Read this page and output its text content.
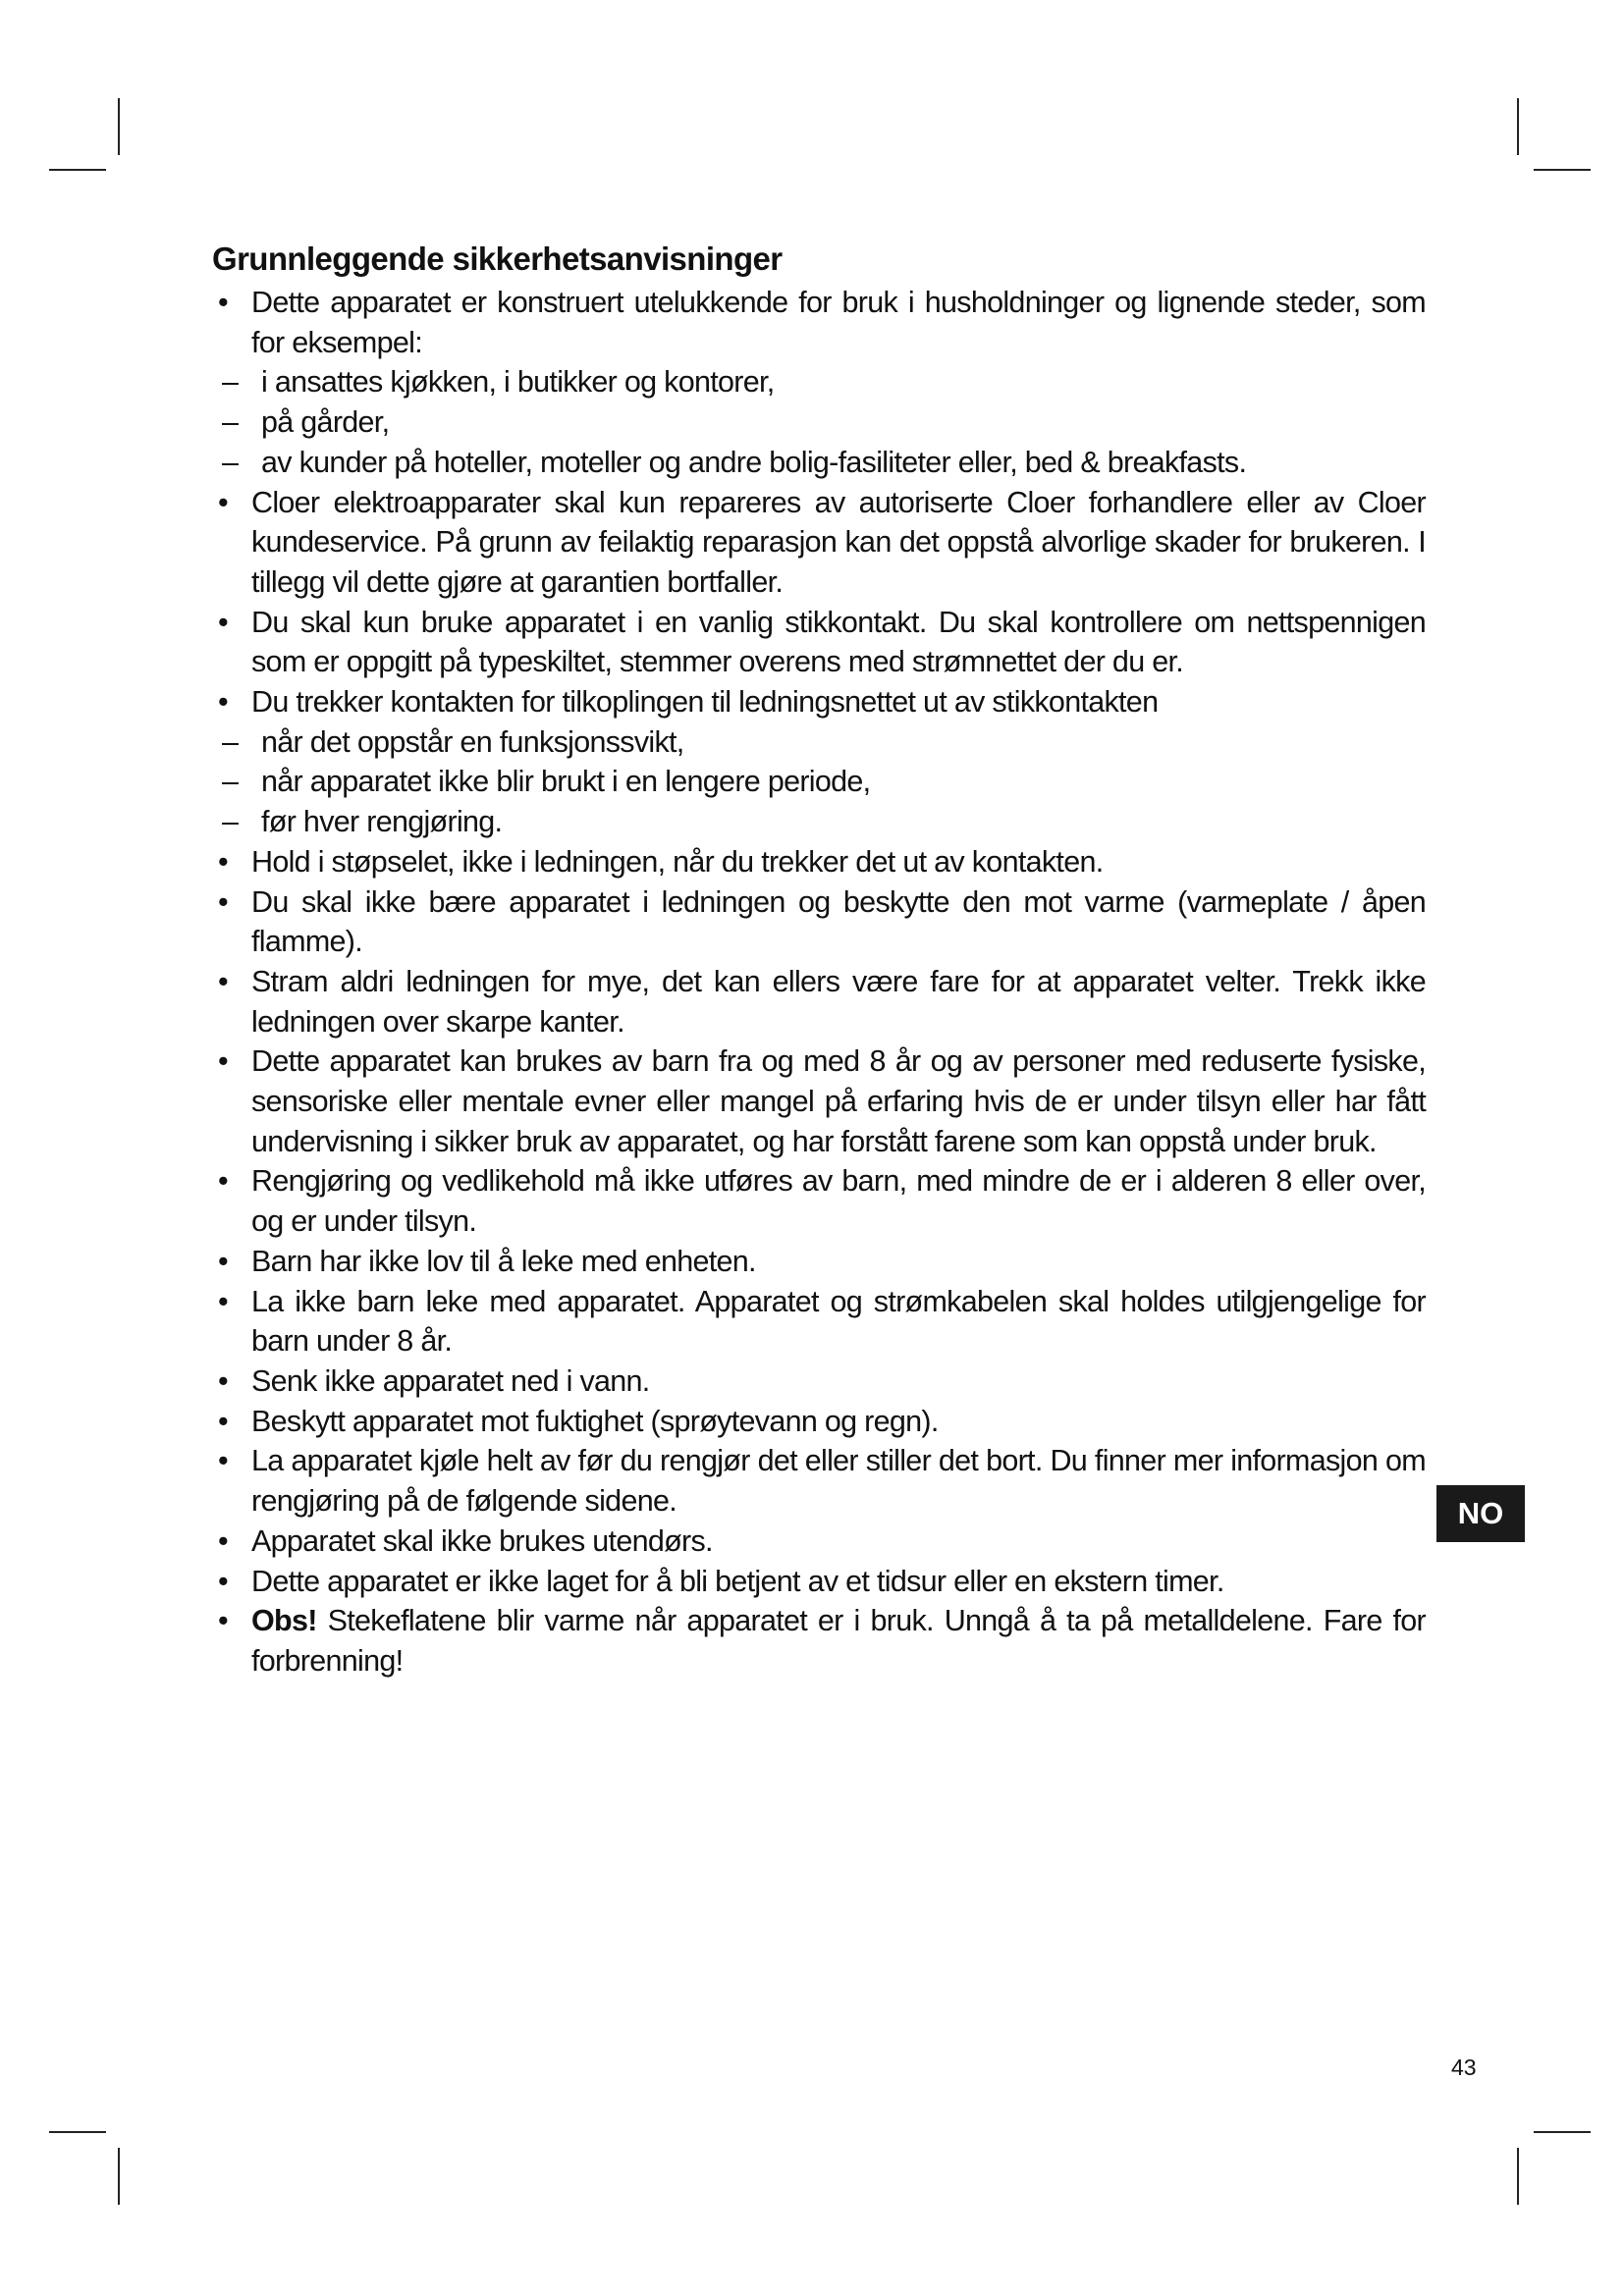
Grunnleggende sikkerhetsanvisninger
• Dette apparatet er konstruert utelukkende for bruk i husholdninger og lignende steder, som for eksempel:
– i ansattes kjøkken, i butikker og kontorer,
– på gårder,
– av kunder på hoteller, moteller og andre bolig-fasiliteter eller, bed & breakfasts.
• Cloer elektroapparater skal kun repareres av autoriserte Cloer forhandlere eller av Cloer kundeservice. På grunn av feilaktig reparasjon kan det oppstå alvorlige skader for brukeren. I tillegg vil dette gjøre at garantien bortfaller.
• Du skal kun bruke apparatet i en vanlig stikkontakt. Du skal kontrollere om nettspennigen som er oppgitt på typeskiltet, stemmer overens med strømnettet der du er.
• Du trekker kontakten for tilkoplingen til ledningsnettet ut av stikkontakten
– når det oppstår en funksjonssvikt,
– når apparatet ikke blir brukt i en lengere periode,
– før hver rengjøring.
• Hold i støpselet, ikke i ledningen, når du trekker det ut av kontakten.
• Du skal ikke bære apparatet i ledningen og beskytte den mot varme (varmeplate / åpen flamme).
• Stram aldri ledningen for mye, det kan ellers være fare for at apparatet velter. Trekk ikke ledningen over skarpe kanter.
• Dette apparatet kan brukes av barn fra og med 8 år og av personer med reduserte fysiske, sensoriske eller mentale evner eller mangel på erfaring hvis de er under tilsyn eller har fått undervisning i sikker bruk av apparatet, og har forstått farene som kan oppstå under bruk.
• Rengjøring og vedlikehold må ikke utføres av barn, med mindre de er i alderen 8 eller over, og er under tilsyn.
• Barn har ikke lov til å leke med enheten.
• La ikke barn leke med apparatet. Apparatet og strømkabelen skal holdes utilgjengelige for barn under 8 år.
• Senk ikke apparatet ned i vann.
• Beskytt apparatet mot fuktighet (sprøytevann og regn).
• La apparatet kjøle helt av før du rengjør det eller stiller det bort. Du finner mer informasjon om rengjøring på de følgende sidene.
• Apparatet skal ikke brukes utendørs.
• Dette apparatet er ikke laget for å bli betjent av et tidsur eller en ekstern timer.
• Obs! Stekeflatene blir varme når apparatet er i bruk. Unngå å ta på metalldelene. Fare for forbrenning!
NO
43
